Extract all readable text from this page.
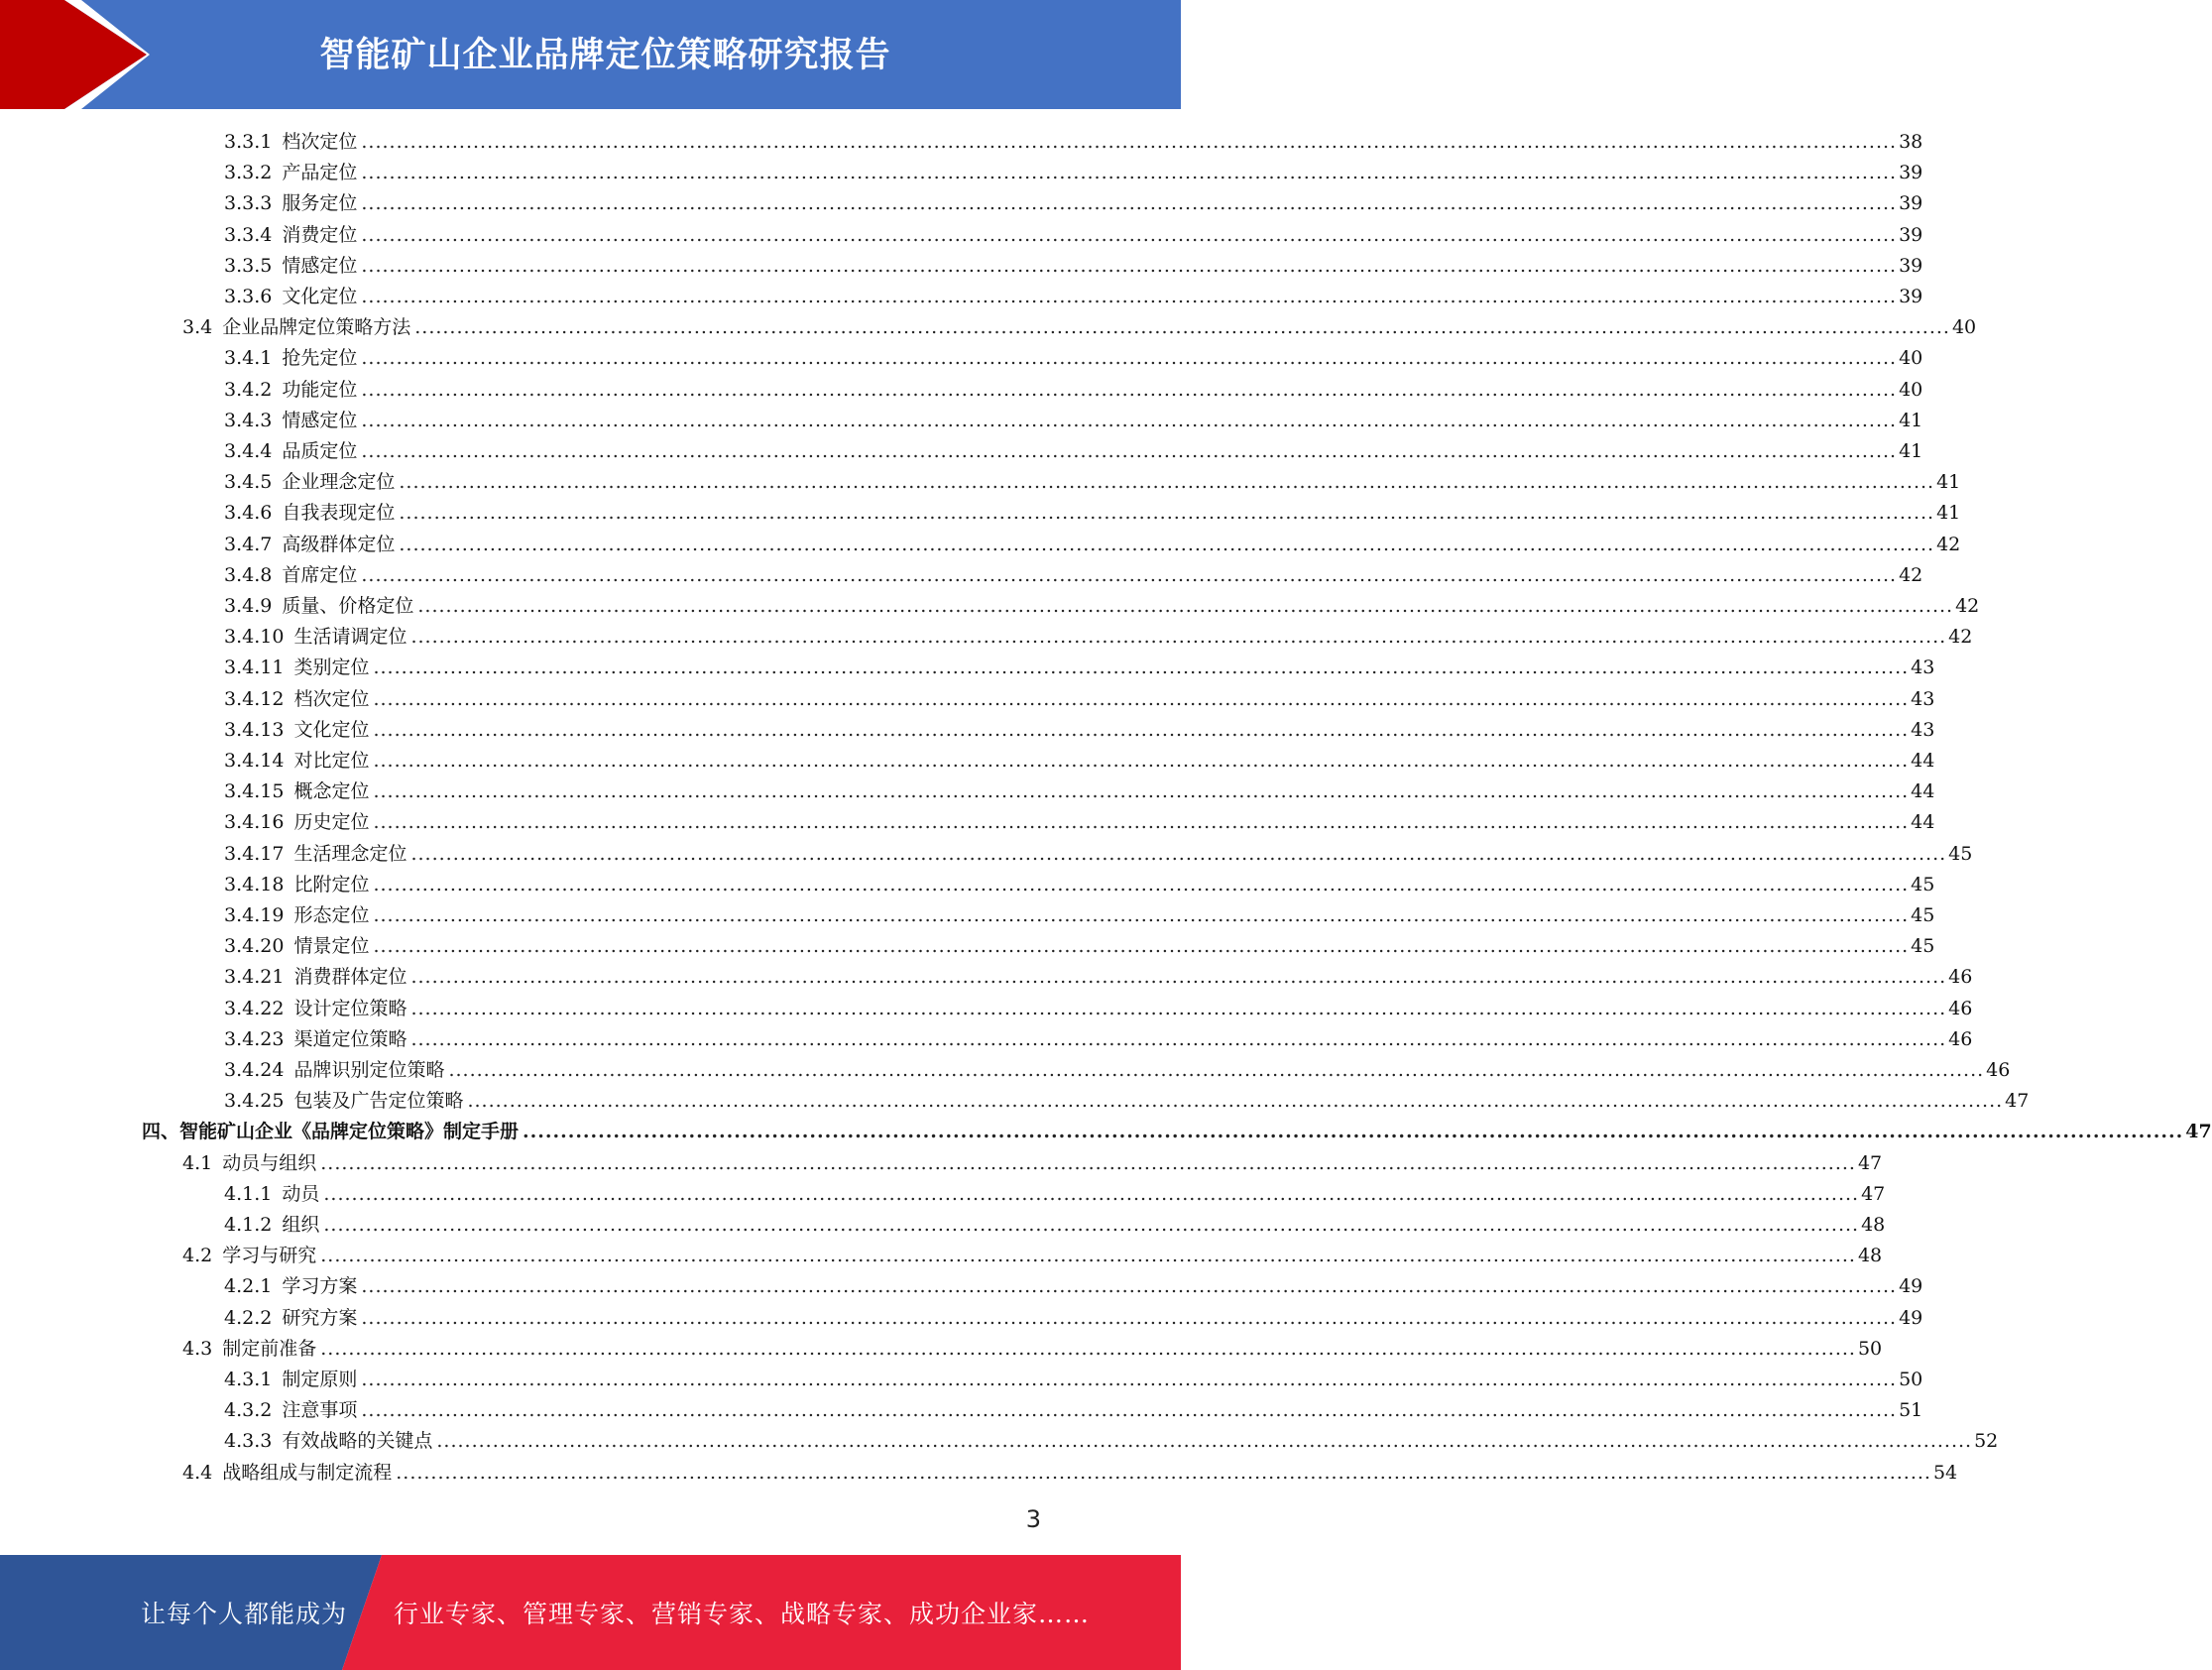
智能矿山企业品牌定位策略研究报告
3.3.1 档次定位 ............................................................................................................................................................................................................................ 38
3.3.2 产品定位 ............................................................................................................................................................................................................................ 39
3.3.3 服务定位 ............................................................................................................................................................................................................................ 39
3.3.4 消费定位 ............................................................................................................................................................................................................................ 39
3.3.5 情感定位 ............................................................................................................................................................................................................................ 39
3.3.6 文化定位 ............................................................................................................................................................................................................................ 39
3.4 企业品牌定位策略方法 ............................................................................................................................................................................................................................ 40
3.4.1 抢先定位 ............................................................................................................................................................................................................................ 40
3.4.2 功能定位 ............................................................................................................................................................................................................................ 40
3.4.3 情感定位 ............................................................................................................................................................................................................................ 41
3.4.4 品质定位 ............................................................................................................................................................................................................................ 41
3.4.5 企业理念定位 ............................................................................................................................................................................................................................ 41
3.4.6 自我表现定位 ............................................................................................................................................................................................................................ 41
3.4.7 高级群体定位 ............................................................................................................................................................................................................................ 42
3.4.8 首席定位 ............................................................................................................................................................................................................................ 42
3.4.9 质量、价格定位 ............................................................................................................................................................................................................................ 42
3.4.10 生活请调定位 ............................................................................................................................................................................................................................ 42
3.4.11 类别定位 ............................................................................................................................................................................................................................ 43
3.4.12 档次定位 ............................................................................................................................................................................................................................ 43
3.4.13 文化定位 ............................................................................................................................................................................................................................ 43
3.4.14 对比定位 ............................................................................................................................................................................................................................ 44
3.4.15 概念定位 ............................................................................................................................................................................................................................ 44
3.4.16 历史定位 ............................................................................................................................................................................................................................ 44
3.4.17 生活理念定位 ............................................................................................................................................................................................................................ 45
3.4.18 比附定位 ............................................................................................................................................................................................................................ 45
3.4.19 形态定位 ............................................................................................................................................................................................................................ 45
3.4.20 情景定位 ............................................................................................................................................................................................................................ 45
3.4.21 消费群体定位 ............................................................................................................................................................................................................................ 46
3.4.22 设计定位策略 ............................................................................................................................................................................................................................ 46
3.4.23 渠道定位策略 ............................................................................................................................................................................................................................ 46
3.4.24 品牌识别定位策略 ............................................................................................................................................................................................................................ 46
3.4.25 包装及广告定位策略 ............................................................................................................................................................................................................................ 47
四、智能矿山企业《品牌定位策略》制定手册 ............................................................................................................................................................................................................................ 47
4.1 动员与组织 ............................................................................................................................................................................................................................ 47
4.1.1 动员 ............................................................................................................................................................................................................................ 47
4.1.2 组织 ............................................................................................................................................................................................................................ 48
4.2 学习与研究 ............................................................................................................................................................................................................................ 48
4.2.1 学习方案 ............................................................................................................................................................................................................................ 49
4.2.2 研究方案 ............................................................................................................................................................................................................................ 49
4.3 制定前准备 ............................................................................................................................................................................................................................ 50
4.3.1 制定原则 ............................................................................................................................................................................................................................ 50
4.3.2 注意事项 ............................................................................................................................................................................................................................ 51
4.3.3 有效战略的关键点 ............................................................................................................................................................................................................................ 52
4.4 战略组成与制定流程 ............................................................................................................................................................................................................................ 54
3
让每个人都能成为 行业专家、管理专家、营销专家、战略专家、成功企业家……
